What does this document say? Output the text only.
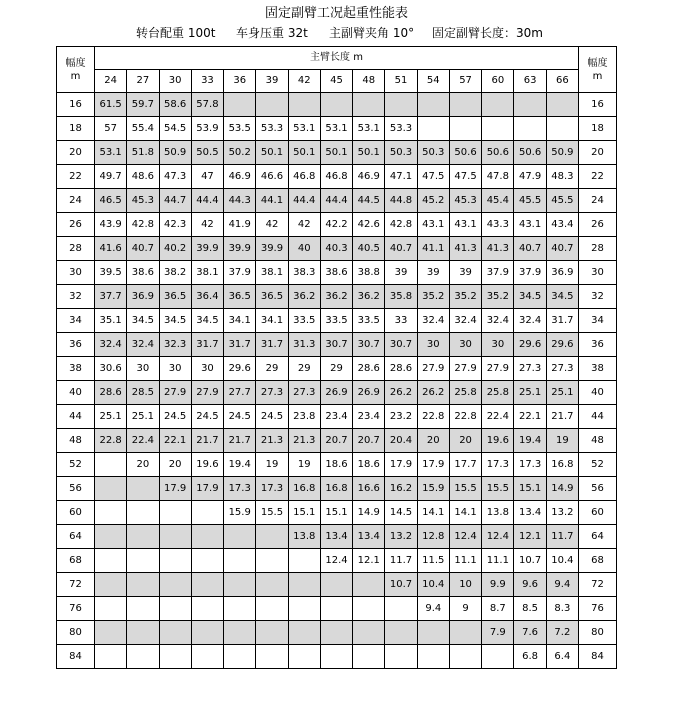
固定副臂工况起重性能表
转台配重 100t 车身压重 32t 主副臂夹角 10° 固定副臂长度：30m
幅度
m	主臂长度 m															幅度
m

	24	27	30	33	36	39	42	45	48	51	54	57	60	63	66	
16	61.5	59.7	58.6	57.8												16
18	57	55.4	54.5	53.9	53.5	53.3	53.1	53.1	53.1	53.3						18
20	53.1	51.8	50.9	50.5	50.2	50.1	50.1	50.1	50.1	50.3	50.3	50.6	50.6	50.6	50.9	20
22	49.7	48.6	47.3	47	46.9	46.6	46.8	46.8	46.9	47.1	47.5	47.5	47.8	47.9	48.3	22
24	46.5	45.3	44.7	44.4	44.3	44.1	44.4	44.4	44.5	44.8	45.2	45.3	45.4	45.5	45.5	24
26	43.9	42.8	42.3	42	41.9	42	42	42.2	42.6	42.8	43.1	43.1	43.3	43.1	43.4	26
28	41.6	40.7	40.2	39.9	39.9	39.9	40	40.3	40.5	40.7	41.1	41.3	41.3	40.7	40.7	28
30	39.5	38.6	38.2	38.1	37.9	38.1	38.3	38.6	38.8	39	39	39	37.9	37.9	36.9	30
32	37.7	36.9	36.5	36.4	36.5	36.5	36.2	36.2	36.2	35.8	35.2	35.2	35.2	34.5	34.5	32
34	35.1	34.5	34.5	34.5	34.1	34.1	33.5	33.5	33.5	33	32.4	32.4	32.4	32.4	31.7	34
36	32.4	32.4	32.3	31.7	31.7	31.7	31.3	30.7	30.7	30.7	30	30	30	29.6	29.6	36
38	30.6	30	30	30	29.6	29	29	29	28.6	28.6	27.9	27.9	27.9	27.3	27.3	38
40	28.6	28.5	27.9	27.9	27.7	27.3	27.3	26.9	26.9	26.2	26.2	25.8	25.8	25.1	25.1	40
44	25.1	25.1	24.5	24.5	24.5	24.5	23.8	23.4	23.4	23.2	22.8	22.8	22.4	22.1	21.7	44
48	22.8	22.4	22.1	21.7	21.7	21.3	21.3	20.7	20.7	20.4	20	20	19.6	19.4	19	48
52		20	20	19.6	19.4	19	19	18.6	18.6	17.9	17.9	17.7	17.3	17.3	16.8	52
56			17.9	17.9	17.3	17.3	16.8	16.8	16.6	16.2	15.9	15.5	15.5	15.1	14.9	56
60					15.9	15.5	15.1	15.1	14.9	14.5	14.1	14.1	13.8	13.4	13.2	60
64							13.8	13.4	13.4	13.2	12.8	12.4	12.4	12.1	11.7	64
68								12.4	12.1	11.7	11.5	11.1	11.1	10.7	10.4	68
72										10.7	10.4	10	9.9	9.6	9.4	72
76											9.4	9	8.7	8.5	8.3	76
80													7.9	7.6	7.2	80
84														6.8	6.4	84
